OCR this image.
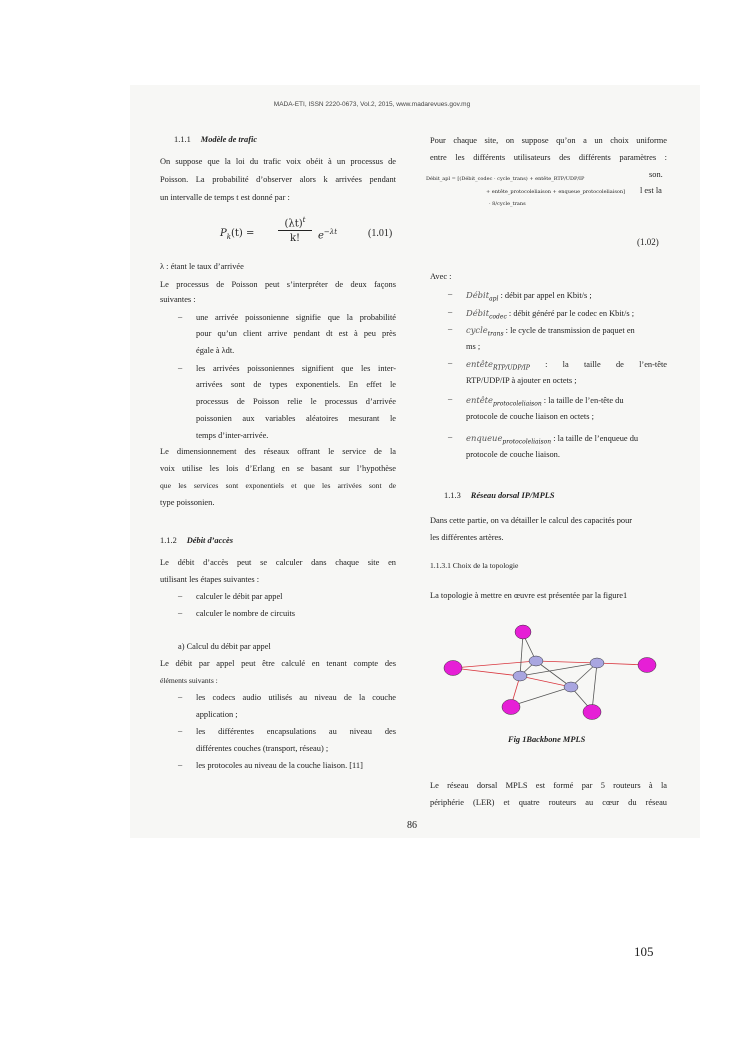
MADA-ETI, ISSN 2220-0673, Vol.2, 2015, www.madarevues.gov.mg
1.1.1 Modèle de trafic
On suppose que la loi du trafic voix obéit à un processus de
Poisson. La probabilité d’observer alors k arrivées pendant
un intervalle de temps t est donné par :
$P_k(t)$ =
$(\lambda t)^t$
k!	$e^{-\lambda t}$	(1.01)
λ : étant le taux d’arrivée
Le processus de Poisson peut s’interpréter de deux façons
suivantes :
– une arrivée poissonienne signifie que la probabilité
pour qu’un client arrive pendant dt est à peu près
égale à λdt.
– les arrivées poissoniennes signifient que les inter-
arrivées sont de types exponentiels. En effet le
processus de Poisson relie le processus d’arrivée
poissonien aux variables aléatoires mesurant le
temps d’inter-arrivée.
Le dimensionnement des réseaux offrant le service de la
voix utilise les lois d’Erlang en se basant sur l’hypothèse
que les services sont exponentiels et que les arrivées sont de
type poissonien.
1.1.2 Débit d’accès
Le débit d’accès peut se calculer dans chaque site en
utilisant les étapes suivantes :
– calculer le débit par appel
– calculer le nombre de circuits
a) Calcul du débit par appel
Le débit par appel peut être calculé en tenant compte des
éléments suivants :
– les codecs audio utilisés au niveau de la couche
application ;
– les différentes encapsulations au niveau des
différentes couches (transport, réseau) ;
– les protocoles au niveau de la couche liaison. [11]
Pour chaque site, on suppose qu’on a un choix uniforme
entre les différents utilisateurs des différents paramètres :
son.
Débit_apl = [(Débit_codec · cycle_trans) + entête_RTP/UDP/IP
+ entête_protocoleliaison + enqueue_protocoleliaison]
· 8/cycle_trans
l est la
(1.02)
Avec :
– Débit$_{apl}$ : débit par appel en Kbit/s ;
– Débit$_{codec}$ : débit généré par le codec en Kbit/s ;
– cycle$_{trans}$ : le cycle de transmission de paquet en
ms ;
– entête$_{RTP/UDP/IP}$ : la taille de l’en-tête
RTP/UDP/IP à ajouter en octets ;
– entête$_{protocoleliaison}$ : la taille de l’en-tête du
protocole de couche liaison en octets ;
– enqueue$_{protocoleliaison}$ : la taille de l’enqueue du
protocole de couche liaison.
1.1.3 Réseau dorsal IP/MPLS
Dans cette partie, on va détailler le calcul des capacités pour
les différentes artères.
1.1.3.1 Choix de la topologie
La topologie à mettre en œuvre est présentée par la figure1
Fig 1Backbone MPLS
Le réseau dorsal MPLS est formé par 5 routeurs à la
périphérie (LER) et quatre routeurs au cœur du réseau
86
105
